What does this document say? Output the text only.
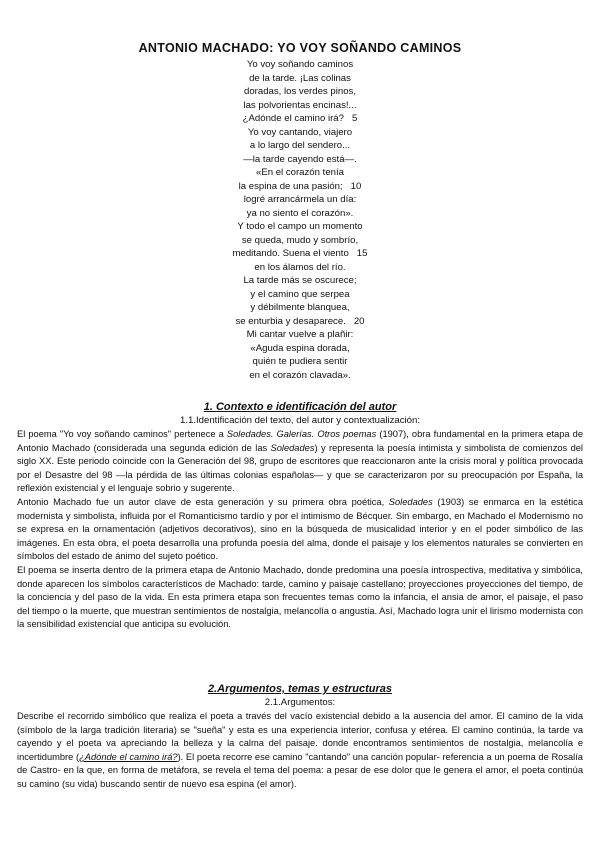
ANTONIO MACHADO: YO VOY SOÑANDO CAMINOS
Yo voy soñando caminos
de la tarde. ¡Las colinas
doradas, los verdes pinos,
las polvorientas encinas!...
¿Adónde el camino irá?   5
Yo voy cantando, viajero
a lo largo del sendero...
—la tarde cayendo está—.
«En el corazón tenía
la espina de una pasión;   10
logré arrancármela un día:
ya no siento el corazón».
Y todo el campo un momento
se queda, mudo y sombrío,
meditando. Suena el viento   15
en los álamos del río.
La tarde más se oscurece;
y el camino que serpea
y débilmente blanquea,
se enturbia y desaparece.   20
Mi cantar vuelve a plañir:
«Aguda espina dorada,
quién te pudiera sentir
en el corazón clavada».
1. Contexto e identificación del autor
1.1.Identificación del texto, del autor y contextualización:

El poema "Yo voy soñando caminos" pertenece a Soledades. Galerías. Otros poemas (1907), obra fundamental en la primera etapa de Antonio Machado (considerada una segunda edición de las Soledades) y representa la poesía intimista y simbolista de comienzos del siglo XX. Este periodo coincide con la Generación del 98, grupo de escritores que reaccionaron ante la crisis moral y política provocada por el Desastre del 98 —la pérdida de las últimas colonias españolas— y que se caracterizaron por su preocupación por España, la reflexión existencial y el lenguaje sobrio y sugerente.

Antonio Machado fue un autor clave de esta generación y su primera obra poética, Soledades (1903) se enmarca en la estética modernista y simbolista, influida por el Romanticismo tardío y por el intimismo de Bécquer. Sin embargo, en Machado el Modernismo no se expresa en la ornamentación (adjetivos decorativos), sino en la búsqueda de musicalidad interior y en el poder simbólico de las imágenes. En esta obra, el poeta desarrolla una profunda poesía del alma, donde el paisaje y los elementos naturales se convierten en símbolos del estado de ánimo del sujeto poético.

El poema se inserta dentro de la primera etapa de Antonio Machado, donde predomina una poesía introspectiva, meditativa y simbólica, donde aparecen los símbolos característicos de Machado: tarde, camino y paisaje castellano; proyecciones proyecciones del tiempo, de la conciencia y del paso de la vida. En esta primera etapa son frecuentes temas como la infancia, el ansia de amor, el paisaje, el paso del tiempo o la muerte, que muestran sentimientos de nostalgia, melancolía o angustia. Así, Machado logra unir el lirismo modernista con la sensibilidad existencial que anticipa su evolución.

2.Argumentos, temas y estructuras
2.1.Argumentos:

Describe el recorrido simbólico que realiza el poeta a través del vacío existencial debido a la ausencia del amor. El camino de la vida (símbolo de la larga tradición literaria) se "sueña" y esta es una experiencia interior, confusa y etérea. El camino continúa, la tarde va cayendo y el poeta va apreciando la belleza y la calma del paisaje. donde encontramos sentimientos de nostalgia, melancolía e incertidumbre (¿Adónde el camino irá?). El poeta recorre ese camino "cantando" una canción popular- referencia a un poema de Rosalía de Castro- en la que, en forma de metáfora, se revela el tema del poema: a pesar de ese dolor que le genera el amor, el poeta continúa su camino (su vida) buscando sentir de nuevo esa espina (el amor).
